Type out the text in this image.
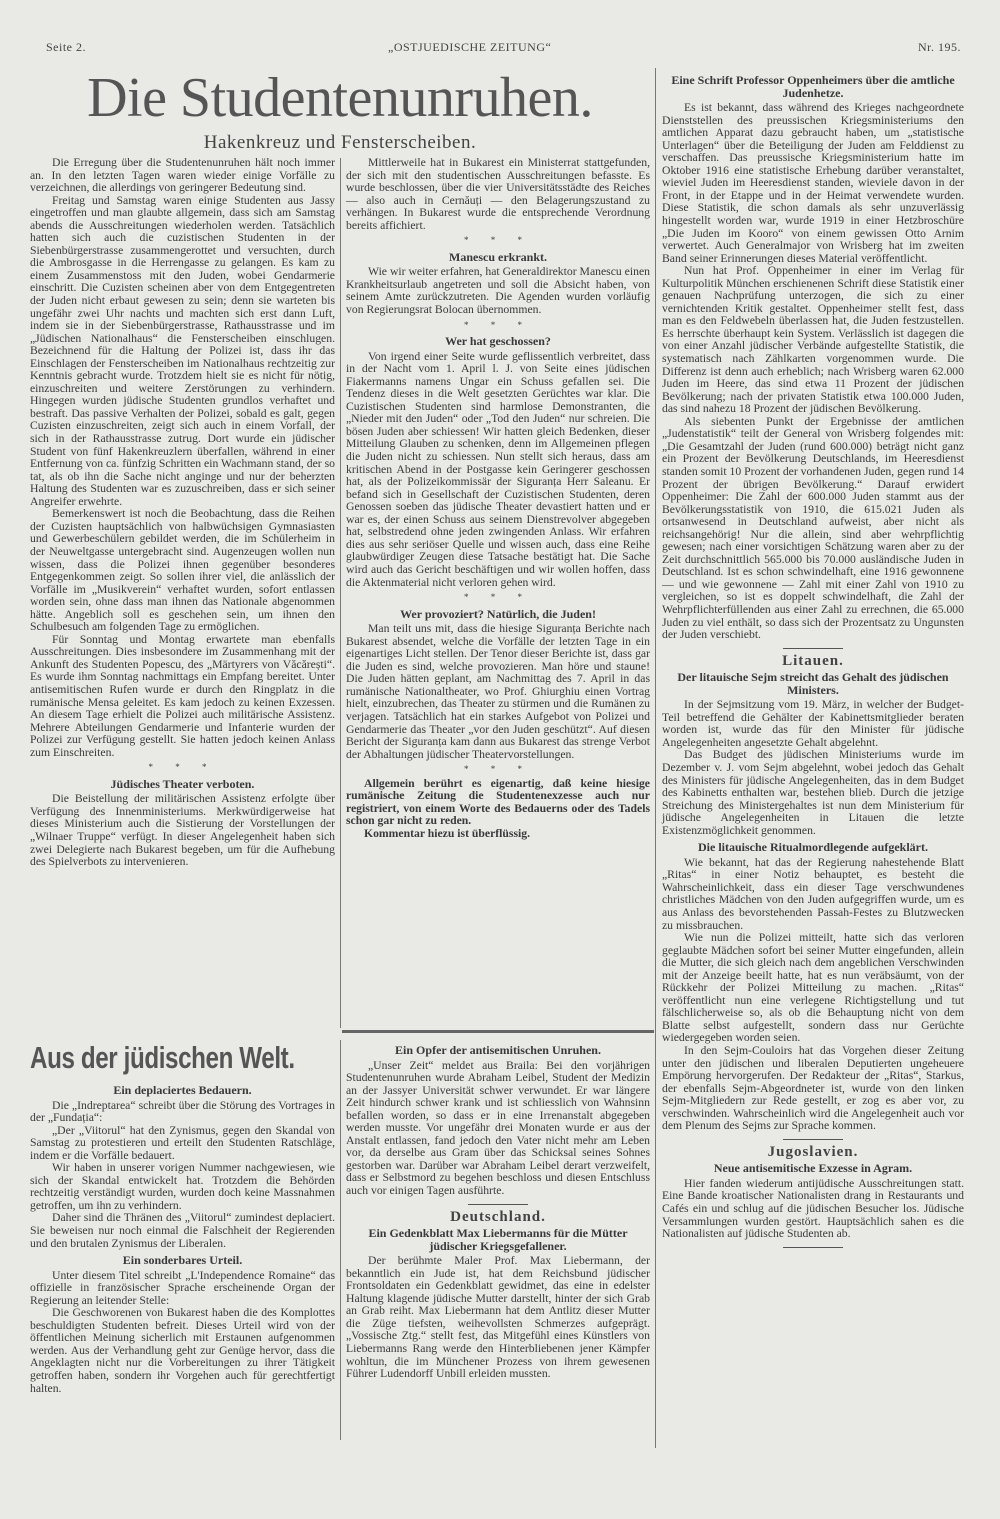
Seite 2.	„OSTJUEDISCHE ZEITUNG“	Nr. 195.
Die Studentenunruhen.
Hakenkreuz und Fensterscheiben.

Die Erregung über die Studentenunruhen hält noch immer an. In den letzten Tagen waren wieder einige Vorfälle zu verzeichnen, die allerdings von geringerer Bedeutung sind.

Freitag und Samstag waren einige Studenten aus Jassy eingetroffen und man glaubte allgemein, dass sich am Samstag abends die Ausschreitungen wiederholen werden. Tatsächlich hatten sich auch die cuzistischen Studenten in der Siebenbürgerstrasse zusammengerottet und versuchten, durch die Ambrosgasse in die Herrengasse zu gelangen. Es kam zu einem Zusammenstoss mit den Juden, wobei Gendarmerie einschritt. Die Cuzisten scheinen aber von dem Entgegentreten der Juden nicht erbaut gewesen zu sein; denn sie warteten bis ungefähr zwei Uhr nachts und machten sich erst dann Luft, indem sie in der Siebenbürgerstrasse, Rathausstrasse und im „Jüdischen Nationalhaus“ die Fensterscheiben einschlugen. Bezeichnend für die Haltung der Polizei ist, dass ihr das Einschlagen der Fensterscheiben im Nationalhaus rechtzeitig zur Kenntnis gebracht wurde. Trotzdem hielt sie es nicht für nötig, einzuschreiten und weitere Zerstörungen zu verhindern. Hingegen wurden jüdische Studenten grundlos verhaftet und bestraft. Das passive Verhalten der Polizei, sobald es galt, gegen Cuzisten einzuschreiten, zeigt sich auch in einem Vorfall, der sich in der Rathausstrasse zutrug. Dort wurde ein jüdischer Student von fünf Hakenkreuzlern überfallen, während in einer Entfernung von ca. fünfzig Schritten ein Wachmann stand, der so tat, als ob ihn die Sache nicht anginge und nur der beherzten Haltung des Studenten war es zuzuschreiben, dass er sich seiner Angreifer erwehrte.

Bemerkenswert ist noch die Beobachtung, dass die Reihen der Cuzisten hauptsächlich von halbwüchsigen Gymnasiasten und Gewerbeschülern gebildet werden, die im Schülerheim in der Neuweltgasse untergebracht sind. Augenzeugen wollen nun wissen, dass die Polizei ihnen gegenüber besonderes Entgegenkommen zeigt. So sollen ihrer viel, die anlässlich der Vorfälle im „Musikverein“ verhaftet wurden, sofort entlassen worden sein, ohne dass man ihnen das Nationale abgenommen hätte. Angeblich soll es geschehen sein, um ihnen den Schulbesuch am folgenden Tage zu ermöglichen.

Für Sonntag und Montag erwartete man ebenfalls Ausschreitungen. Dies insbesondere im Zusammenhang mit der Ankunft des Studenten Popescu, des „Märtyrers von Văcărești“. Es wurde ihm Sonntag nachmittags ein Empfang bereitet. Unter antisemitischen Rufen wurde er durch den Ringplatz in die rumänische Mensa geleitet. Es kam jedoch zu keinen Exzessen. An diesem Tage erhielt die Polizei auch militärische Assistenz. Mehrere Abteilungen Gendarmerie und Infanterie wurden der Polizei zur Verfügung gestellt. Sie hatten jedoch keinen Anlass zum Einschreiten.

* * *

Jüdisches Theater verboten.

Die Beistellung der militärischen Assistenz erfolgte über Verfügung des Innenministeriums. Merkwürdigerweise hat dieses Ministerium auch die Sistierung der Vorstellungen der „Wilnaer Truppe“ verfügt. In dieser Angelegenheit haben sich zwei Delegierte nach Bukarest begeben, um für die Aufhebung des Spielverbots zu intervenieren.

Mittlerweile hat in Bukarest ein Ministerrat stattgefunden, der sich mit den studentischen Ausschreitungen befasste. Es wurde beschlossen, über die vier Universitätsstädte des Reiches — also auch in Cernăuți — den Belagerungszustand zu verhängen. In Bukarest wurde die entsprechende Verordnung bereits affichiert.

* * *

Manescu erkrankt.

Wie wir weiter erfahren, hat Generaldirektor Manescu einen Krankheitsurlaub angetreten und soll die Absicht haben, von seinem Amte zurückzutreten. Die Agenden wurden vorläufig von Regierungsrat Bolocan übernommen.

* * *

Wer hat geschossen?

Von irgend einer Seite wurde geflissentlich verbreitet, dass in der Nacht vom 1. April l. J. von Seite eines jüdischen Fiakermanns namens Ungar ein Schuss gefallen sei. Die Tendenz dieses in die Welt gesetzten Gerüchtes war klar. Die Cuzistischen Studenten sind harmlose Demonstranten, die „Nieder mit den Juden“ oder „Tod den Juden“ nur schreien. Die bösen Juden aber schiessen! Wir hatten gleich Bedenken, dieser Mitteilung Glauben zu schenken, denn im Allgemeinen pflegen die Juden nicht zu schiessen. Nun stellt sich heraus, dass am kritischen Abend in der Postgasse kein Geringerer geschossen hat, als der Polizeikommissär der Siguranța Herr Saleanu. Er befand sich in Gesellschaft der Cuzistischen Studenten, deren Genossen soeben das jüdische Theater devastiert hatten und er war es, der einen Schuss aus seinem Dienstrevolver abgegeben hat, selbstredend ohne jeden zwingenden Anlass. Wir erfahren dies aus sehr seriöser Quelle und wissen auch, dass eine Reihe glaubwürdiger Zeugen diese Tatsache bestätigt hat. Die Sache wird auch das Gericht beschäftigen und wir wollen hoffen, dass die Aktenmaterial nicht verloren gehen wird.

* * *

Wer provoziert? Natürlich, die Juden!

Man teilt uns mit, dass die hiesige Siguranța Berichte nach Bukarest absendet, welche die Vorfälle der letzten Tage in ein eigenartiges Licht stellen. Der Tenor dieser Berichte ist, dass gar die Juden es sind, welche provozieren. Man höre und staune! Die Juden hätten geplant, am Nachmittag des 7. April in das rumänische Nationaltheater, wo Prof. Ghiurghiu einen Vortrag hielt, einzubrechen, das Theater zu stürmen und die Rumänen zu verjagen. Tatsächlich hat ein starkes Aufgebot von Polizei und Gendarmerie das Theater „vor den Juden geschützt“. Auf diesen Bericht der Siguranța kam dann aus Bukarest das strenge Verbot der Abhaltungen jüdischer Theatervorstellungen.

* * *

Allgemein berührt es eigenartig, daß keine hiesige rumänische Zeitung die Studentenexzesse auch nur registriert, von einem Worte des Bedauerns oder des Tadels schon gar nicht zu reden.

Kommentar hiezu ist überflüssig.

Aus der jüdischen Welt.

Ein deplaciertes Bedauern.

Die „Indreptarea“ schreibt über die Störung des Vortrages in der „Fundația“:

„Der „Viitorul“ hat den Zynismus, gegen den Skandal von Samstag zu protestieren und erteilt den Studenten Ratschläge, indem er die Vorfälle bedauert.

Wir haben in unserer vorigen Nummer nachgewiesen, wie sich der Skandal entwickelt hat. Trotzdem die Behörden rechtzeitig verständigt wurden, wurden doch keine Massnahmen getroffen, um ihn zu verhindern.

Daher sind die Thränen des „Viitorul“ zumindest deplaciert. Sie beweisen nur noch einmal die Falschheit der Regierenden und den brutalen Zynismus der Liberalen.

Ein sonderbares Urteil.

Unter diesem Titel schreibt „L'Independence Romaine“ das offizielle in französischer Sprache erscheinende Organ der Regierung an leitender Stelle:

Die Geschworenen von Bukarest haben die des Komplottes beschuldigten Studenten befreit. Dieses Urteil wird von der öffentlichen Meinung sicherlich mit Erstaunen aufgenommen werden. Aus der Verhandlung geht zur Genüge hervor, dass die Angeklagten nicht nur die Vorbereitungen zu ihrer Tätigkeit getroffen haben, sondern ihr Vorgehen auch für gerechtfertigt halten.

Ein Opfer der antisemitischen Unruhen.

„Unser Zeit“ meldet aus Braila: Bei den vorjährigen Studentenunruhen wurde Abraham Leibel, Student der Medizin an der Jassyer Universität schwer verwundet. Er war längere Zeit hindurch schwer krank und ist schliesslich von Wahnsinn befallen worden, so dass er in eine Irrenanstalt abgegeben werden musste. Vor ungefähr drei Monaten wurde er aus der Anstalt entlassen, fand jedoch den Vater nicht mehr am Leben vor, da derselbe aus Gram über das Schicksal seines Sohnes gestorben war. Darüber war Abraham Leibel derart verzweifelt, dass er Selbstmord zu begehen beschloss und diesen Entschluss auch vor einigen Tagen ausführte.

Deutschland.

Ein Gedenkblatt Max Liebermanns für die Mütter jüdischer Kriegsgefallener.

Der berühmte Maler Prof. Max Liebermann, der bekanntlich ein Jude ist, hat dem Reichsbund jüdischer Frontsoldaten ein Gedenkblatt gewidmet, das eine in edelster Haltung klagende jüdische Mutter darstellt, hinter der sich Grab an Grab reiht. Max Liebermann hat dem Antlitz dieser Mutter die Züge tiefsten, weihevollsten Schmerzes aufgeprägt. „Vossische Ztg.“ stellt fest, das Mitgefühl eines Künstlers von Liebermanns Rang werde den Hinterbliebenen jener Kämpfer wohltun, die im Münchener Prozess von ihrem gewesenen Führer Ludendorff Unbill erleiden mussten.

Eine Schrift Professor Oppenheimers über die amtliche Judenhetze.

Es ist bekannt, dass während des Krieges nachgeordnete Dienststellen des preussischen Kriegsministeriums den amtlichen Apparat dazu gebraucht haben, um „statistische Unterlagen“ über die Beteiligung der Juden am Felddienst zu verschaffen. Das preussische Kriegsministerium hatte im Oktober 1916 eine statistische Erhebung darüber veranstaltet, wieviel Juden im Heeresdienst standen, wieviele davon in der Front, in der Etappe und in der Heimat verwendete wurden. Diese Statistik, die schon damals als sehr unzuverlässig hingestellt worden war, wurde 1919 in einer Hetzbroschüre „Die Juden im Kooro“ von einem gewissen Otto Arnim verwertet. Auch Generalmajor von Wrisberg hat im zweiten Band seiner Erinnerungen dieses Material veröffentlicht.

Nun hat Prof. Oppenheimer in einer im Verlag für Kulturpolitik München erschienenen Schrift diese Statistik einer genauen Nachprüfung unterzogen, die sich zu einer vernichtenden Kritik gestaltet. Oppenheimer stellt fest, dass man es den Feldwebeln überlassen hat, die Juden festzustellen. Es herrschte überhaupt kein System. Verlässlich ist dagegen die von einer Anzahl jüdischer Verbände aufgestellte Statistik, die systematisch nach Zählkarten vorgenommen wurde. Die Differenz ist denn auch erheblich; nach Wrisberg waren 62.000 Juden im Heere, das sind etwa 11 Prozent der jüdischen Bevölkerung; nach der privaten Statistik etwa 100.000 Juden, das sind nahezu 18 Prozent der jüdischen Bevölkerung.

Als siebenten Punkt der Ergebnisse der amtlichen „Judenstatistik“ teilt der General von Wrisberg folgendes mit: „Die Gesamtzahl der Juden (rund 600.000) beträgt nicht ganz ein Prozent der Bevölkerung Deutschlands, im Heeresdienst standen somit 10 Prozent der vorhandenen Juden, gegen rund 14 Prozent der übrigen Bevölkerung.“ Darauf erwidert Oppenheimer: Die Zahl der 600.000 Juden stammt aus der Bevölkerungsstatistik von 1910, die 615.021 Juden als ortsanwesend in Deutschland aufweist, aber nicht als reichsangehörig! Nur die allein, sind aber wehrpflichtig gewesen; nach einer vorsichtigen Schätzung waren aber zu der Zeit durchschnittlich 565.000 bis 70.000 ausländische Juden in Deutschland. Ist es schon schwindelhaft, eine 1916 gewonnene — und wie gewonnene — Zahl mit einer Zahl von 1910 zu vergleichen, so ist es doppelt schwindelhaft, die Zahl der Wehrpflichterfüllenden aus einer Zahl zu errechnen, die 65.000 Juden zu viel enthält, so dass sich der Prozentsatz zu Ungunsten der Juden verschiebt.

Litauen.

Der litauische Sejm streicht das Gehalt des jüdischen Ministers.

In der Sejmsitzung vom 19. März, in welcher der Budget-Teil betreffend die Gehälter der Kabinettsmitglieder beraten worden ist, wurde das für den Minister für jüdische Angelegenheiten angesetzte Gehalt abgelehnt.

Das Budget des jüdischen Ministeriums wurde im Dezember v. J. vom Sejm abgelehnt, wobei jedoch das Gehalt des Ministers für jüdische Angelegenheiten, das in dem Budget des Kabinetts enthalten war, bestehen blieb. Durch die jetzige Streichung des Ministergehaltes ist nun dem Ministerium für jüdische Angelegenheiten in Litauen die letzte Existenzmöglichkeit genommen.

Die litauische Ritualmordlegende aufgeklärt.

Wie bekannt, hat das der Regierung nahestehende Blatt „Ritas“ in einer Notiz behauptet, es besteht die Wahrscheinlichkeit, dass ein dieser Tage verschwundenes christliches Mädchen von den Juden aufgegriffen wurde, um es aus Anlass des bevorstehenden Passah-Festes zu Blutzwecken zu missbrauchen.

Wie nun die Polizei mitteilt, hatte sich das verloren geglaubte Mädchen sofort bei seiner Mutter eingefunden, allein die Mutter, die sich gleich nach dem angeblichen Verschwinden mit der Anzeige beeilt hatte, hat es nun veräbsäumt, von der Rückkehr der Polizei Mitteilung zu machen. „Ritas“ veröffentlicht nun eine verlegene Richtigstellung und tut fälschlicherweise so, als ob die Behauptung nicht von dem Blatte selbst aufgestellt, sondern dass nur Gerüchte wiedergegeben worden seien.

In den Sejm-Couloirs hat das Vorgehen dieser Zeitung unter den jüdischen und liberalen Deputierten ungeheuere Empörung hervorgerufen. Der Redakteur der „Ritas“, Starkus, der ebenfalls Sejm-Abgeordneter ist, wurde von den linken Sejm-Mitgliedern zur Rede gestellt, er zog es aber vor, zu verschwinden. Wahrscheinlich wird die Angelegenheit auch vor dem Plenum des Sejms zur Sprache kommen.

Jugoslavien.

Neue antisemitische Exzesse in Agram.

Hier fanden wiederum antijüdische Ausschreitungen statt. Eine Bande kroatischer Nationalisten drang in Restaurants und Cafés ein und schlug auf die jüdischen Besucher los. Jüdische Versammlungen wurden gestört. Hauptsächlich sahen es die Nationalisten auf jüdische Studenten ab.
